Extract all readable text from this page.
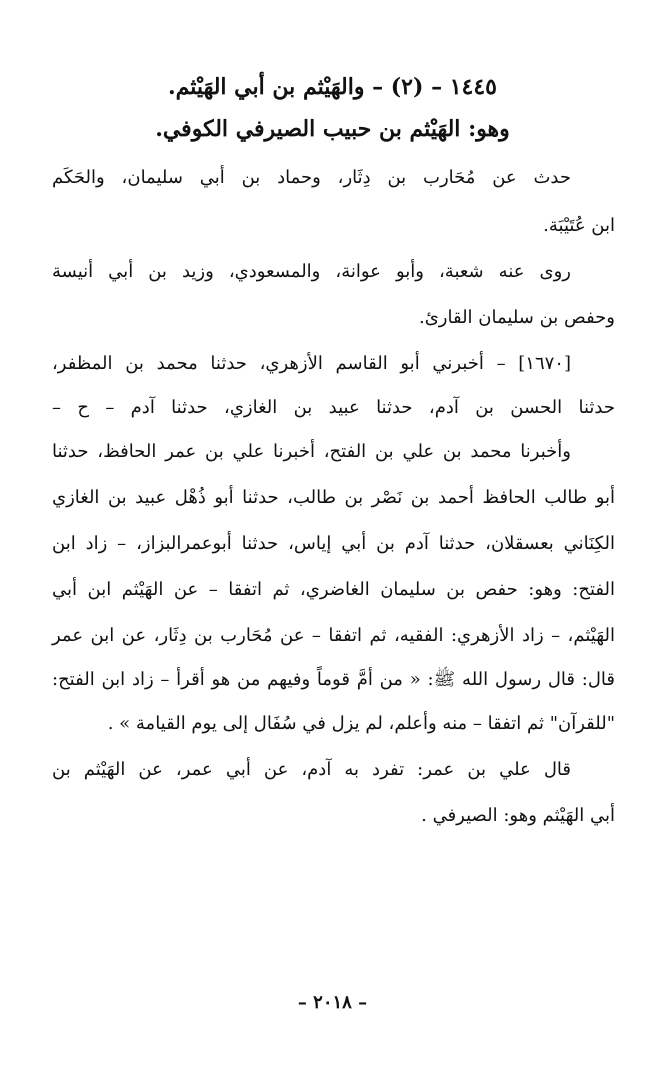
١٤٤٥ – (٢) – والهَيْثم بن أبي الهَيْثم.
وهو: الهَيْثم بن حبيب الصيرفي الكوفي.
حدث عن مُحَارب بن دِثَار، وحماد بن أبي سليمان، والحَكَم
ابن عُتَيْبَة.
روى عنه شعبة، وأبو عوانة، والمسعودي، وزيد بن أبي أنيسة
وحفص بن سليمان القارئ.
[١٦٧٠] – أخبرني أبو القاسم الأزهري، حدثنا محمد بن المظفر،
حدثنا الحسن بن آدم، حدثنا عبيد بن الغازي، حدثنا آدم – ح –
وأخبرنا محمد بن علي بن الفتح، أخبرنا علي بن عمر الحافظ، حدثنا
أبو طالب الحافظ أحمد بن نَصْر بن طالب، حدثنا أبو ذُهْل عبيد بن الغازي
الكِنَاني بعسقلان، حدثنا آدم بن أبي إياس، حدثنا أبوعمرالبزاز، – زاد ابن
الفتح: وهو: حفص بن سليمان الغاضري، ثم اتفقا – عن الهَيْثم ابن أبي
الهَيْثم، – زاد الأزهري: الفقيه، ثم اتفقا – عن مُحَارب بن دِثَار، عن ابن عمر
قال: قال رسول الله ﷺ: « من أمَّ قوماً وفيهم من هو أقرأ – زاد ابن الفتح:
"للقرآن" ثم اتفقا – منه وأعلم، لم يزل في سُفَال إلى يوم القيامة » .
قال علي بن عمر: تفرد به آدم، عن أبي عمر، عن الهَيْثم بن
أبي الهَيْثم وهو: الصيرفي .
– ٢٠١٨ –
